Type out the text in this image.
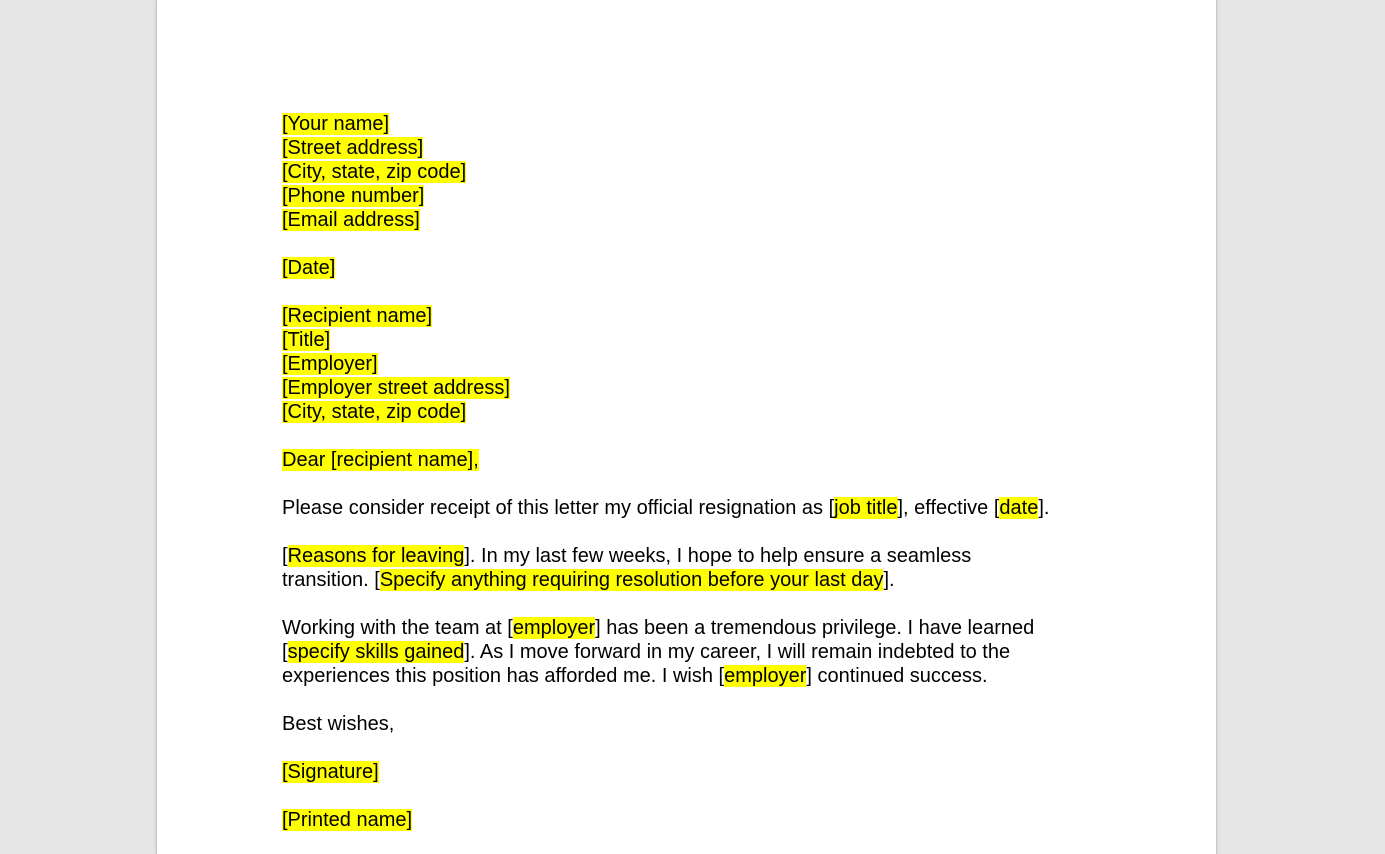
[Your name]
[Street address]
[City, state, zip code]
[Phone number]
[Email address]
[Date]
[Recipient name]
[Title]
[Employer]
[Employer street address]
[City, state, zip code]
Dear [recipient name],
Please consider receipt of this letter my official resignation as [job title], effective [date].
[Reasons for leaving]. In my last few weeks, I hope to help ensure a seamless
transition. [Specify anything requiring resolution before your last day].
Working with the team at [employer] has been a tremendous privilege. I have learned
[specify skills gained]. As I move forward in my career, I will remain indebted to the
experiences this position has afforded me. I wish [employer] continued success.
Best wishes,
[Signature]
[Printed name]
